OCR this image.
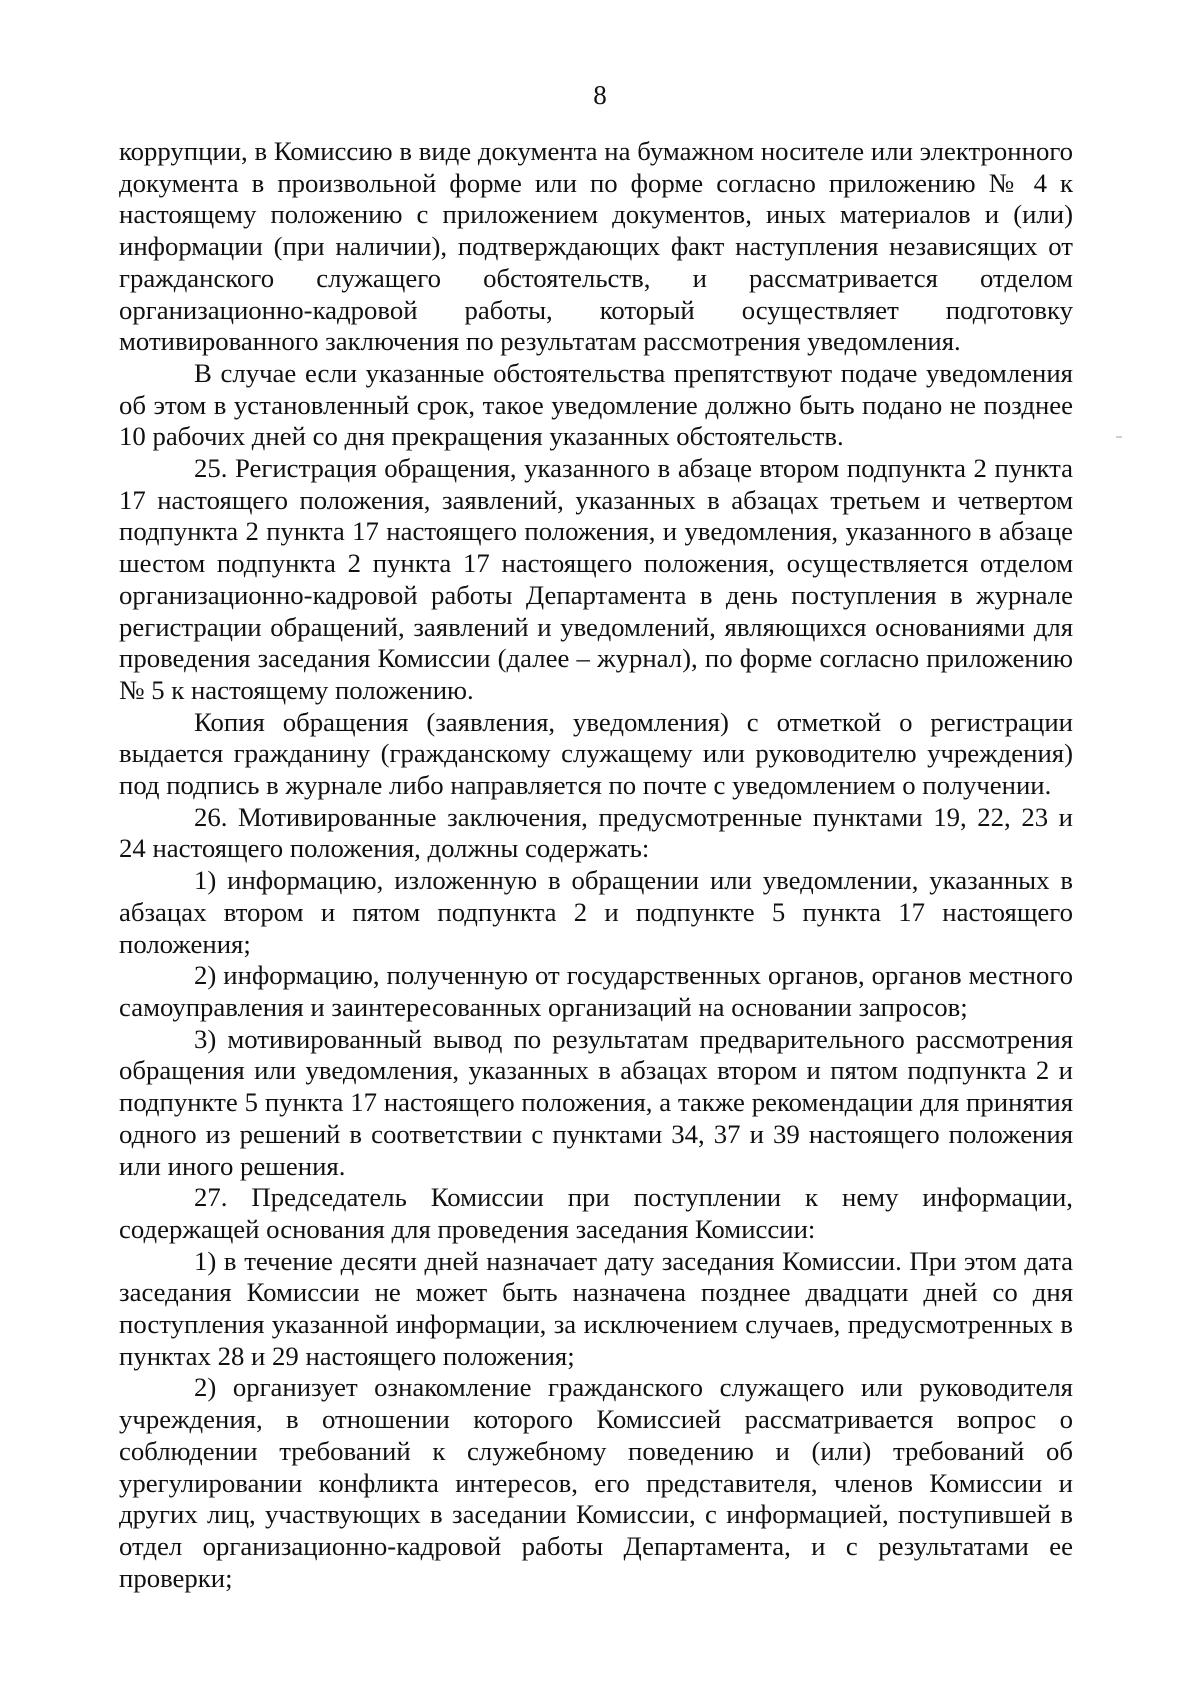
8

коррупции, в Комиссию в виде документа на бумажном носителе или электронного документа в произвольной форме или по форме согласно приложению № 4 к настоящему положению с приложением документов, иных материалов и (или) информации (при наличии), подтверждающих факт наступления независящих от гражданского служащего обстоятельств, и рассматривается отделом организационно-кадровой работы, который осуществляет подготовку мотивированного заключения по результатам рассмотрения уведомления.

В случае если указанные обстоятельства препятствуют подаче уведомления об этом в установленный срок, такое уведомление должно быть подано не позднее 10 рабочих дней со дня прекращения указанных обстоятельств.

25. Регистрация обращения, указанного в абзаце втором подпункта 2 пункта 17 настоящего положения, заявлений, указанных в абзацах третьем и четвертом подпункта 2 пункта 17 настоящего положения, и уведомления, указанного в абзаце шестом подпункта 2 пункта 17 настоящего положения, осуществляется отделом организационно-кадровой работы Департамента в день поступления в журнале регистрации обращений, заявлений и уведомлений, являющихся основаниями для проведения заседания Комиссии (далее – журнал), по форме согласно приложению № 5 к настоящему положению.

Копия обращения (заявления, уведомления) с отметкой о регистрации выдается гражданину (гражданскому служащему или руководителю учреждения) под подпись в журнале либо направляется по почте с уведомлением о получении.

26. Мотивированные заключения, предусмотренные пунктами 19, 22, 23 и 24 настоящего положения, должны содержать:

1) информацию, изложенную в обращении или уведомлении, указанных в абзацах втором и пятом подпункта 2 и подпункте 5 пункта 17 настоящего положения;

2) информацию, полученную от государственных органов, органов местного самоуправления и заинтересованных организаций на основании запросов;

3) мотивированный вывод по результатам предварительного рассмотрения обращения или уведомления, указанных в абзацах втором и пятом подпункта 2 и подпункте 5 пункта 17 настоящего положения, а также рекомендации для принятия одного из решений в соответствии с пунктами 34, 37 и 39 настоящего положения или иного решения.

27. Председатель Комиссии при поступлении к нему информации, содержащей основания для проведения заседания Комиссии:

1) в течение десяти дней назначает дату заседания Комиссии. При этом дата заседания Комиссии не может быть назначена позднее двадцати дней со дня поступления указанной информации, за исключением случаев, предусмотренных в пунктах 28 и 29 настоящего положения;

2) организует ознакомление гражданского служащего или руководителя учреждения, в отношении которого Комиссией рассматривается вопрос о соблюдении требований к служебному поведению и (или) требований об урегулировании конфликта интересов, его представителя, членов Комиссии и других лиц, участвующих в заседании Комиссии, с информацией, поступившей в отдел организационно-кадровой работы Департамента, и с результатами ее проверки;
